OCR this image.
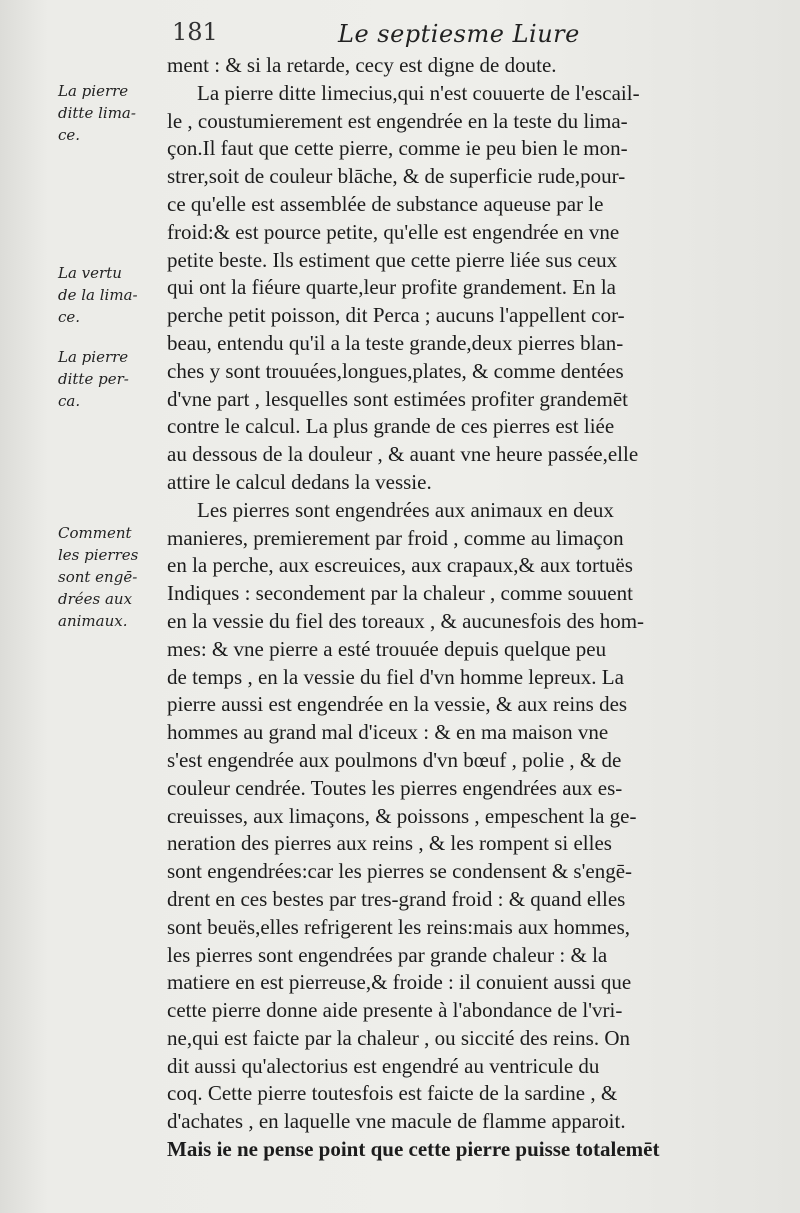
181	Le septiesme Liure
La pierre
ditte lima-
ce.
La vertu
de la lima-
ce.
La pierre
ditte per-
ca.
Comment
les pierres
sont engē-
drées aux
animaux.
ment : & si la retarde, cecy est digne de doute.
La pierre ditte limecius,qui n'est couuerte de l'escail-
le , coustumierement est engendrée en la teste du lima-
çon.Il faut que cette pierre, comme ie peu bien le mon-
strer,soit de couleur blāche, & de superficie rude,pour-
ce qu'elle est assemblée de substance aqueuse par le
froid:& est pource petite, qu'elle est engendrée en vne
petite beste. Ils estiment que cette pierre liée sus ceux
qui ont la fiéure quarte,leur profite grandement. En la
perche petit poisson, dit Perca ; aucuns l'appellent cor-
beau, entendu qu'il a la teste grande,deux pierres blan-
ches y sont trouuées,longues,plates, & comme dentées
d'vne part , lesquelles sont estimées profiter grandemēt
contre le calcul. La plus grande de ces pierres est liée
au dessous de la douleur , & auant vne heure passée,elle
attire le calcul dedans la vessie.
Les pierres sont engendrées aux animaux en deux
manieres, premierement par froid , comme au limaçon
en la perche, aux escreuices, aux crapaux,& aux tortuës
Indiques : secondement par la chaleur , comme souuent
en la vessie du fiel des toreaux , & aucunesfois des hom-
mes: & vne pierre a esté trouuée depuis quelque peu
de temps , en la vessie du fiel d'vn homme lepreux. La
pierre aussi est engendrée en la vessie, & aux reins des
hommes au grand mal d'iceux : & en ma maison vne
s'est engendrée aux poulmons d'vn bœuf , polie , & de
couleur cendrée. Toutes les pierres engendrées aux es-
creuisses, aux limaçons, & poissons , empeschent la ge-
neration des pierres aux reins , & les rompent si elles
sont engendrées:car les pierres se condensent & s'engē-
drent en ces bestes par tres-grand froid : & quand elles
sont beuës,elles refrigerent les reins:mais aux hommes,
les pierres sont engendrées par grande chaleur : & la
matiere en est pierreuse,& froide : il conuient aussi que
cette pierre donne aide presente à l'abondance de l'vri-
ne,qui est faicte par la chaleur , ou siccité des reins. On
dit aussi qu'alectorius est engendré au ventricule du
coq. Cette pierre toutesfois est faicte de la sardine , &
d'achates , en laquelle vne macule de flamme apparoit.
Mais ie ne pense point que cette pierre puisse totalemēt
